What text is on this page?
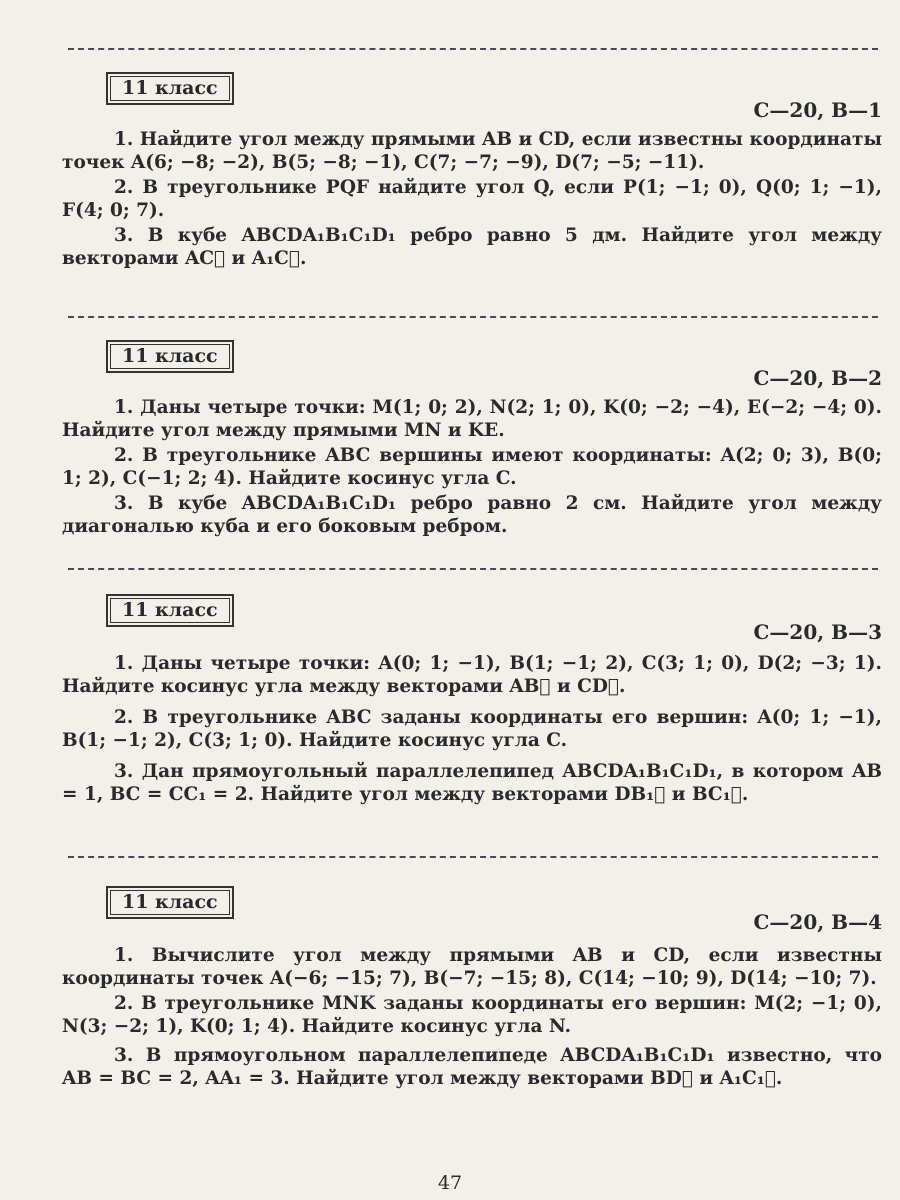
11 класс
С—20, В—1

1. Найдите угол между прямыми AB и CD, если известны координаты точек A(6; −8; −2), B(5; −8; −1), C(7; −7; −9), D(7; −5; −11).

2. В треугольнике PQF найдите угол Q, если P(1; −1; 0), Q(0; 1; −1), F(4; 0; 7).

3. В кубе ABCDA₁B₁C₁D₁ ребро равно 5 дм. Найдите угол между векторами AC⃗ и A₁C⃗.

11 класс
С—20, В—2

1. Даны четыре точки: M(1; 0; 2), N(2; 1; 0), K(0; −2; −4), E(−2; −4; 0). Найдите угол между прямыми MN и KE.

2. В треугольнике ABC вершины имеют координаты: A(2; 0; 3), B(0; 1; 2), C(−1; 2; 4). Найдите косинус угла C.

3. В кубе ABCDA₁B₁C₁D₁ ребро равно 2 см. Найдите угол между диагональю куба и его боковым ребром.

11 класс
С—20, В—3

1. Даны четыре точки: A(0; 1; −1), B(1; −1; 2), C(3; 1; 0), D(2; −3; 1). Найдите косинус угла между векторами AB⃗ и CD⃗.

2. В треугольнике ABC заданы координаты его вершин: A(0; 1; −1), B(1; −1; 2), C(3; 1; 0). Найдите косинус угла C.

3. Дан прямоугольный параллелепипед ABCDA₁B₁C₁D₁, в котором AB = 1, BC = CC₁ = 2. Найдите угол между векторами DB₁⃗ и BC₁⃗.

11 класс
С—20, В—4

1. Вычислите угол между прямыми AB и CD, если известны координаты точек A(−6; −15; 7), B(−7; −15; 8), C(14; −10; 9), D(14; −10; 7).

2. В треугольнике MNK заданы координаты его вершин: M(2; −1; 0), N(3; −2; 1), K(0; 1; 4). Найдите косинус угла N.

3. В прямоугольном параллелепипеде ABCDA₁B₁C₁D₁ известно, что AB = BC = 2, AA₁ = 3. Найдите угол между векторами BD⃗ и A₁C₁⃗.

47
